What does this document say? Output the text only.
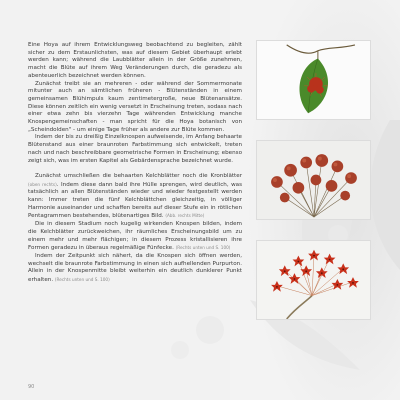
Eine Hoya auf ihrem Entwicklungsweg beobachtend zu begleiten, zählt sicher zu dem Erstaunlichsten, was auf diesem Gebiet überhaupt erlebt werden kann; während die Laubblätter allein in der Größe zunehmen, macht die Blüte auf ihrem Weg Veränderungen durch, die geradezu als abenteuerlich bezeichnet werden können.

Zunächst treibt sie an mehreren - oder während der Sommermonate mitunter auch an sämtlichen früheren - Blütenständen in einem gemeinsamen Blühimpuls kaum zentimetergroße, neue Blütenansätze. Diese können zeitlich ein wenig versetzt in Erscheinung treten, sodass nach einer etwa zehn bis vierzehn Tage währenden Entwicklung manche Knospengemeinschaften - man spricht für die Hoya botanisch von „Scheindolden" - um einige Tage früher als andere zur Blüte kommen.

Indem der bis zu dreißig Einzelknospen aufweisende, im Anfang behaarte Blütenstand aus einer braunroten Farbstimmung sich entwickelt, treten nach und nach beschreibbare geometrische Formen in Erscheinung; ebenso zeigt sich, was im ersten Kapitel als Gebärdensprache bezeichnet wurde.

Zunächst umschließen die behaarten Kelchblätter noch die Kronblätter (oben rechts). Indem diese dann bald ihre Hülle sprengen, wird deutlich, was tatsächlich an allen Blütenständen wieder und wieder festgestellt werden kann: Immer treten die fünf Kelchblättchen gleichzeitig, in völliger Harmonie auseinander und schaffen bereits auf dieser Stufe ein in rötlichen Pentagrammen bestehendes, blütenartiges Bild. (Abb. rechts Mitte)

Die in diesem Stadium noch kugelig wirkenden Knospen bilden, indem die Kelchblätter zurückweichen, ihr räumliches Erscheinungsbild um zu einem mehr und mehr flächigen; in diesem Prozess kristallisieren ihre Formen geradezu in überaus regelmäßige Fünfecke. (Rechts unten und S. 100)

Indem der Zeitpunkt sich nähert, da die Knospen sich öffnen werden, wechselt die braunrote Farbstimmung in einen sich aufhellenden Purpurton. Allein in der Knospenmitte bleibt weiterhin ein deutlich dunklerer Punkt erhalten. (Rechts unten und S. 100)

90
